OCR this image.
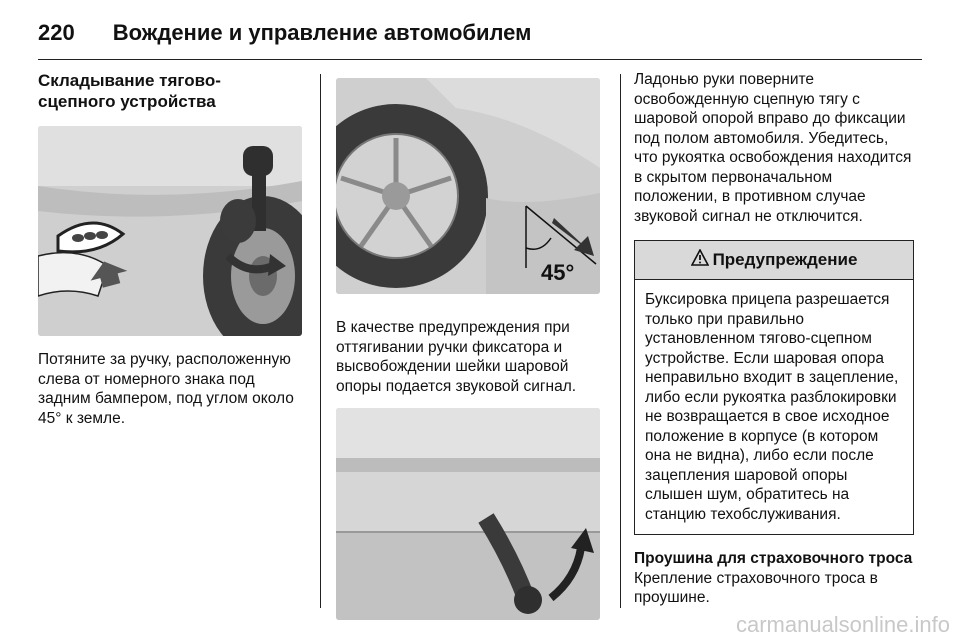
220 Вождение и управление автомобилем
Складывание тягово-
сцепного устройства

Потяните за ручку, расположенную слева от номерного знака под задним бампером, под углом около 45° к земле.

45°

В качестве предупреждения при оттягивании ручки фиксатора и высвобождении шейки шаровой опоры подается звуковой сигнал.

Ладонью руки поверните освобожденную сцепную тягу с шаровой опорой вправо до фиксации под полом автомобиля. Убедитесь, что рукоятка освобождения находится в скрытом первоначальном положении, в противном случае звуковой сигнал не отключится.

Предупреждение

Буксировка прицепа разрешается только при правильно установленном тягово-сцепном устройстве. Если шаровая опора неправильно входит в зацепление, либо если рукоятка разблокировки не возвращается в свое исходное положение в корпусе (в котором она не видна), либо если после зацепления шаровой опоры слышен шум, обратитесь на станцию техобслуживания.

Проушина для страховочного троса

Крепление страховочного троса в проушине.

carmanualsonline.info
